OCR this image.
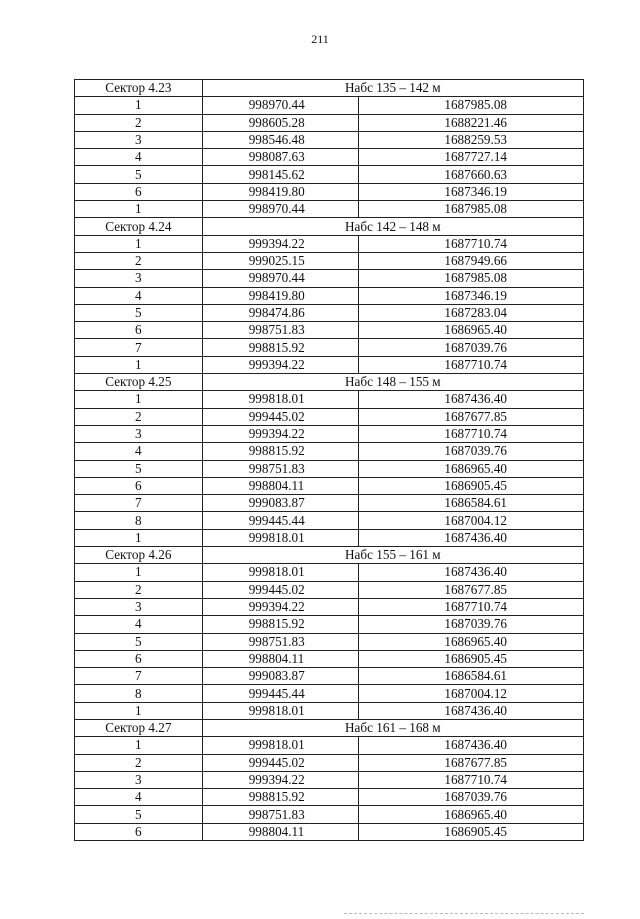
211
Сектор 4.23	Набс 135 – 142 м	
1	998970.44	1687985.08
2	998605.28	1688221.46
3	998546.48	1688259.53
4	998087.63	1687727.14
5	998145.62	1687660.63
6	998419.80	1687346.19
1	998970.44	1687985.08
Сектор 4.24	Набс 142 – 148 м	
1	999394.22	1687710.74
2	999025.15	1687949.66
3	998970.44	1687985.08
4	998419.80	1687346.19
5	998474.86	1687283.04
6	998751.83	1686965.40
7	998815.92	1687039.76
1	999394.22	1687710.74
Сектор 4.25	Набс 148 – 155 м	
1	999818.01	1687436.40
2	999445.02	1687677.85
3	999394.22	1687710.74
4	998815.92	1687039.76
5	998751.83	1686965.40
6	998804.11	1686905.45
7	999083.87	1686584.61
8	999445.44	1687004.12
1	999818.01	1687436.40
Сектор 4.26	Набс 155 – 161 м	
1	999818.01	1687436.40
2	999445.02	1687677.85
3	999394.22	1687710.74
4	998815.92	1687039.76
5	998751.83	1686965.40
6	998804.11	1686905.45
7	999083.87	1686584.61
8	999445.44	1687004.12
1	999818.01	1687436.40
Сектор 4.27	Набс 161 – 168 м	
1	999818.01	1687436.40
2	999445.02	1687677.85
3	999394.22	1687710.74
4	998815.92	1687039.76
5	998751.83	1686965.40
6	998804.11	1686905.45
